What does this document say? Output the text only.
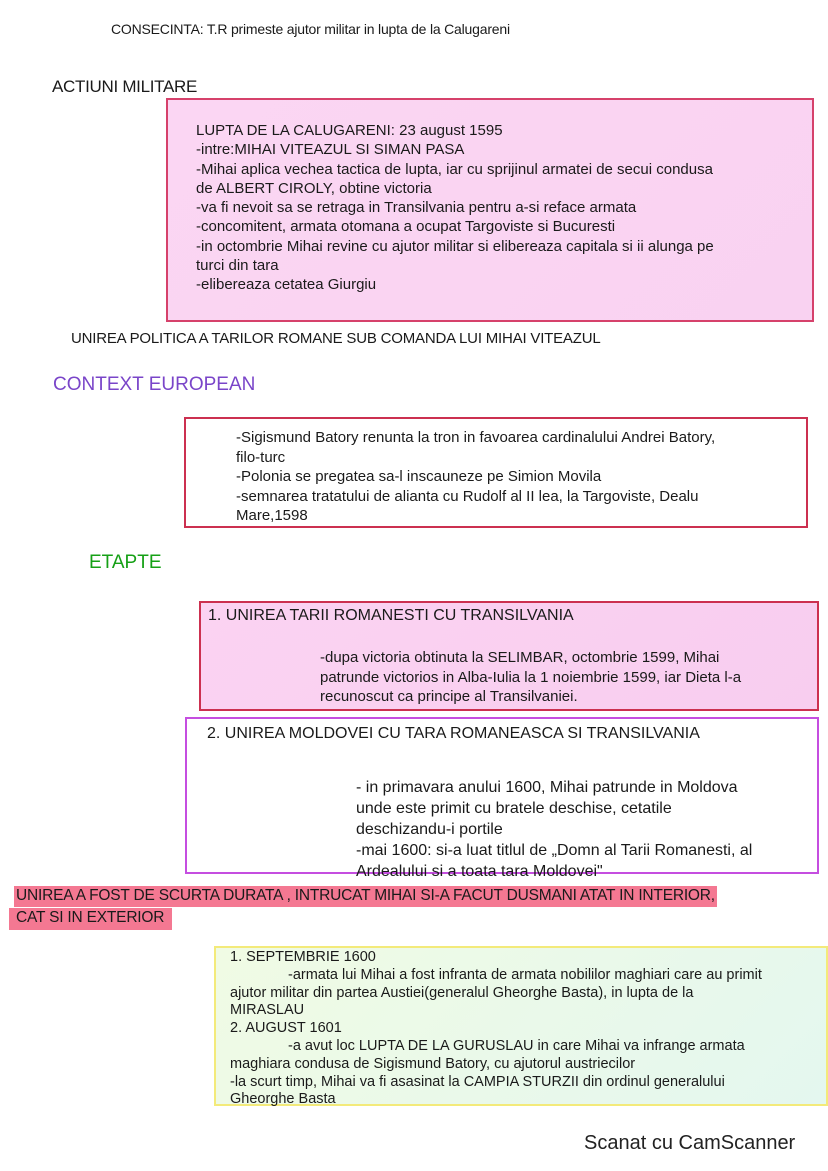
CONSECINTA: T.R primeste ajutor militar in lupta de la Calugareni
ACTIUNI MILITARE
LUPTA DE LA CALUGARENI: 23 august 1595
-intre:MIHAI VITEAZUL SI SIMAN PASA
-Mihai aplica vechea tactica de lupta, iar cu sprijinul armatei de secui condusa
de ALBERT CIROLY, obtine victoria
-va fi nevoit sa se retraga in Transilvania pentru a-si reface armata
-concomitent, armata otomana a ocupat Targoviste si Bucuresti
-in octombrie Mihai revine cu ajutor militar si elibereaza capitala si ii alunga pe
turci din tara
-elibereaza cetatea Giurgiu
UNIREA POLITICA A TARILOR ROMANE SUB COMANDA LUI MIHAI VITEAZUL
CONTEXT EUROPEAN
-Sigismund Batory renunta la tron in favoarea cardinalului Andrei Batory,
filo-turc
-Polonia se pregatea sa-l inscauneze pe Simion Movila
-semnarea tratatului de alianta cu Rudolf al II lea, la Targoviste, Dealu
Mare,1598
ETAPTE
1. UNIREA TARII ROMANESTI CU TRANSILVANIA
-dupa victoria obtinuta la SELIMBAR, octombrie 1599, Mihai
patrunde victorios in Alba-Iulia la 1 noiembrie 1599, iar Dieta l-a
recunoscut ca principe al Transilvaniei.
2. UNIREA MOLDOVEI CU TARA ROMANEASCA SI TRANSILVANIA
- in primavara anului 1600, Mihai patrunde in Moldova
unde este primit cu bratele deschise, cetatile
deschizandu-i portile
-mai 1600: si-a luat titlul de „Domn al Tarii Romanesti, al
Ardealului si a toata tara Moldovei"
UNIREA A FOST DE SCURTA DURATA , INTRUCAT MIHAI SI-A FACUT DUSMANI ATAT IN INTERIOR,
CAT SI IN EXTERIOR
1. SEPTEMBRIE 1600
-armata lui Mihai a fost infranta de armata nobililor maghiari care au primit
ajutor militar din partea Austiei(generalul Gheorghe Basta), in lupta de la
MIRASLAU
2. AUGUST 1601
-a avut loc LUPTA DE LA GURUSLAU in care Mihai va infrange armata
maghiara condusa de Sigismund Batory, cu ajutorul austriecilor
-la scurt timp, Mihai va fi asasinat la CAMPIA STURZII din ordinul generalului
Gheorghe Basta
Scanat cu CamScanner
